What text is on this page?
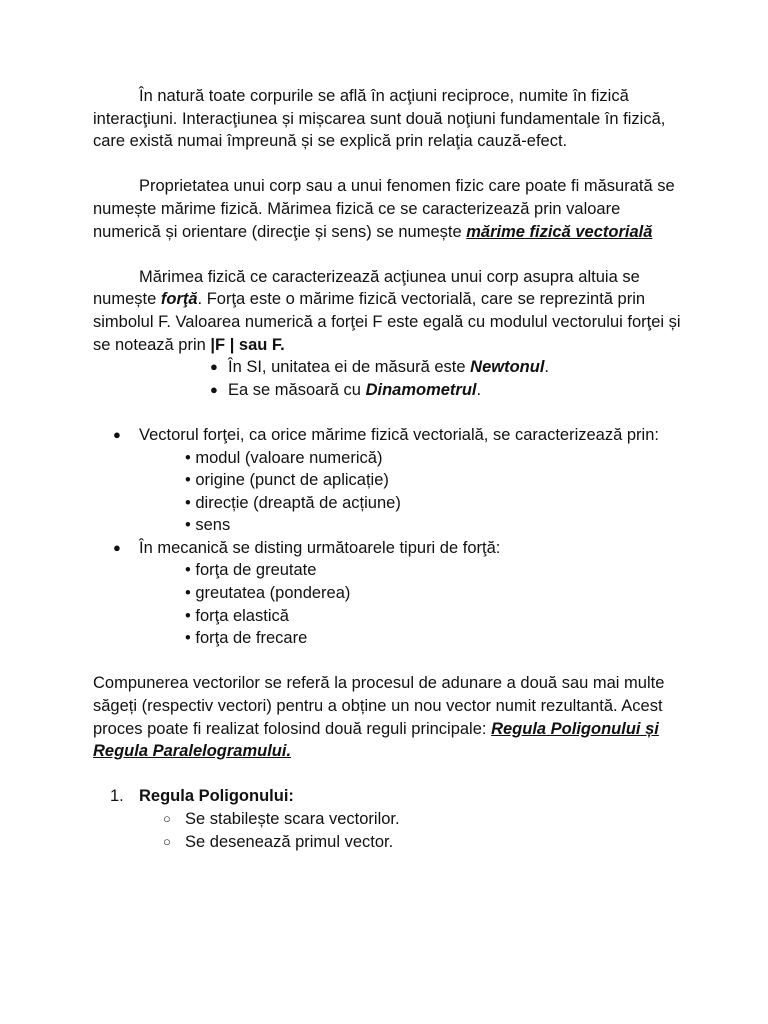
În natură toate corpurile se află în acţiuni reciproce, numite în fizică interacţiuni. Interacţiunea și mișcarea sunt două noţiuni fundamentale în fizică, care există numai împreună și se explică prin relaţia cauză-efect.

Proprietatea unui corp sau a unui fenomen fizic care poate fi măsurată se numește mărime fizică. Mărimea fizică ce se caracterizează prin valoare numerică și orientare (direcţie și sens) se numește mărime fizică vectorială

Mărimea fizică ce caracterizează acţiunea unui corp asupra altuia se numește forţă. Forţa este o mărime fizică vectorială, care se reprezintă prin simbolul F. Valoarea numerică a forţei F este egală cu modulul vectorului forţei și se notează prin |F | sau F.

● În SI, unitatea ei de măsură este Newtonul.
● Ea se măsoară cu Dinamometrul.
● Vectorul forţei, ca orice mărime fizică vectorială, se caracterizează prin:
• modul (valoare numerică)
• origine (punct de aplicație)
• direcție (dreaptă de acțiune)
• sens
● În mecanică se disting următoarele tipuri de forţă:
• forţa de greutate
• greutatea (ponderea)
• forţa elastică
• forţa de frecare

Compunerea vectorilor se referă la procesul de adunare a două sau mai multe săgeți (respectiv vectori) pentru a obține un nou vector numit rezultantă. Acest proces poate fi realizat folosind două reguli principale: Regula Poligonului și Regula Paralelogramului.

1. Regula Poligonului:
○ Se stabilește scara vectorilor.
○ Se desenează primul vector.
